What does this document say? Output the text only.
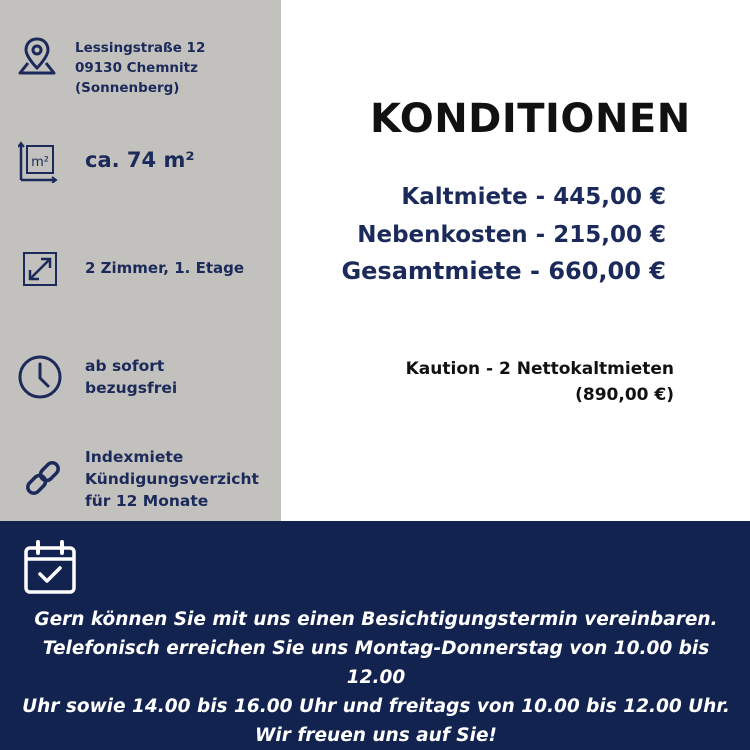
Lessingstraße 12
09130 Chemnitz
(Sonnenberg)
m² ca. 74 m²
2 Zimmer, 1. Etage
ab sofort
bezugsfrei
Indexmiete
Kündigungsverzicht
für 12 Monate
KONDITIONEN
Kaltmiete - 445,00 €
Nebenkosten - 215,00 €
Gesamtmiete - 660,00 €
Kaution - 2 Nettokaltmieten
(890,00 €)
Gern können Sie mit uns einen Besichtigungstermin vereinbaren.
Telefonisch erreichen Sie uns Montag-Donnerstag von 10.00 bis 12.00
Uhr sowie 14.00 bis 16.00 Uhr und freitags von 10.00 bis 12.00 Uhr.
Wir freuen uns auf Sie!
